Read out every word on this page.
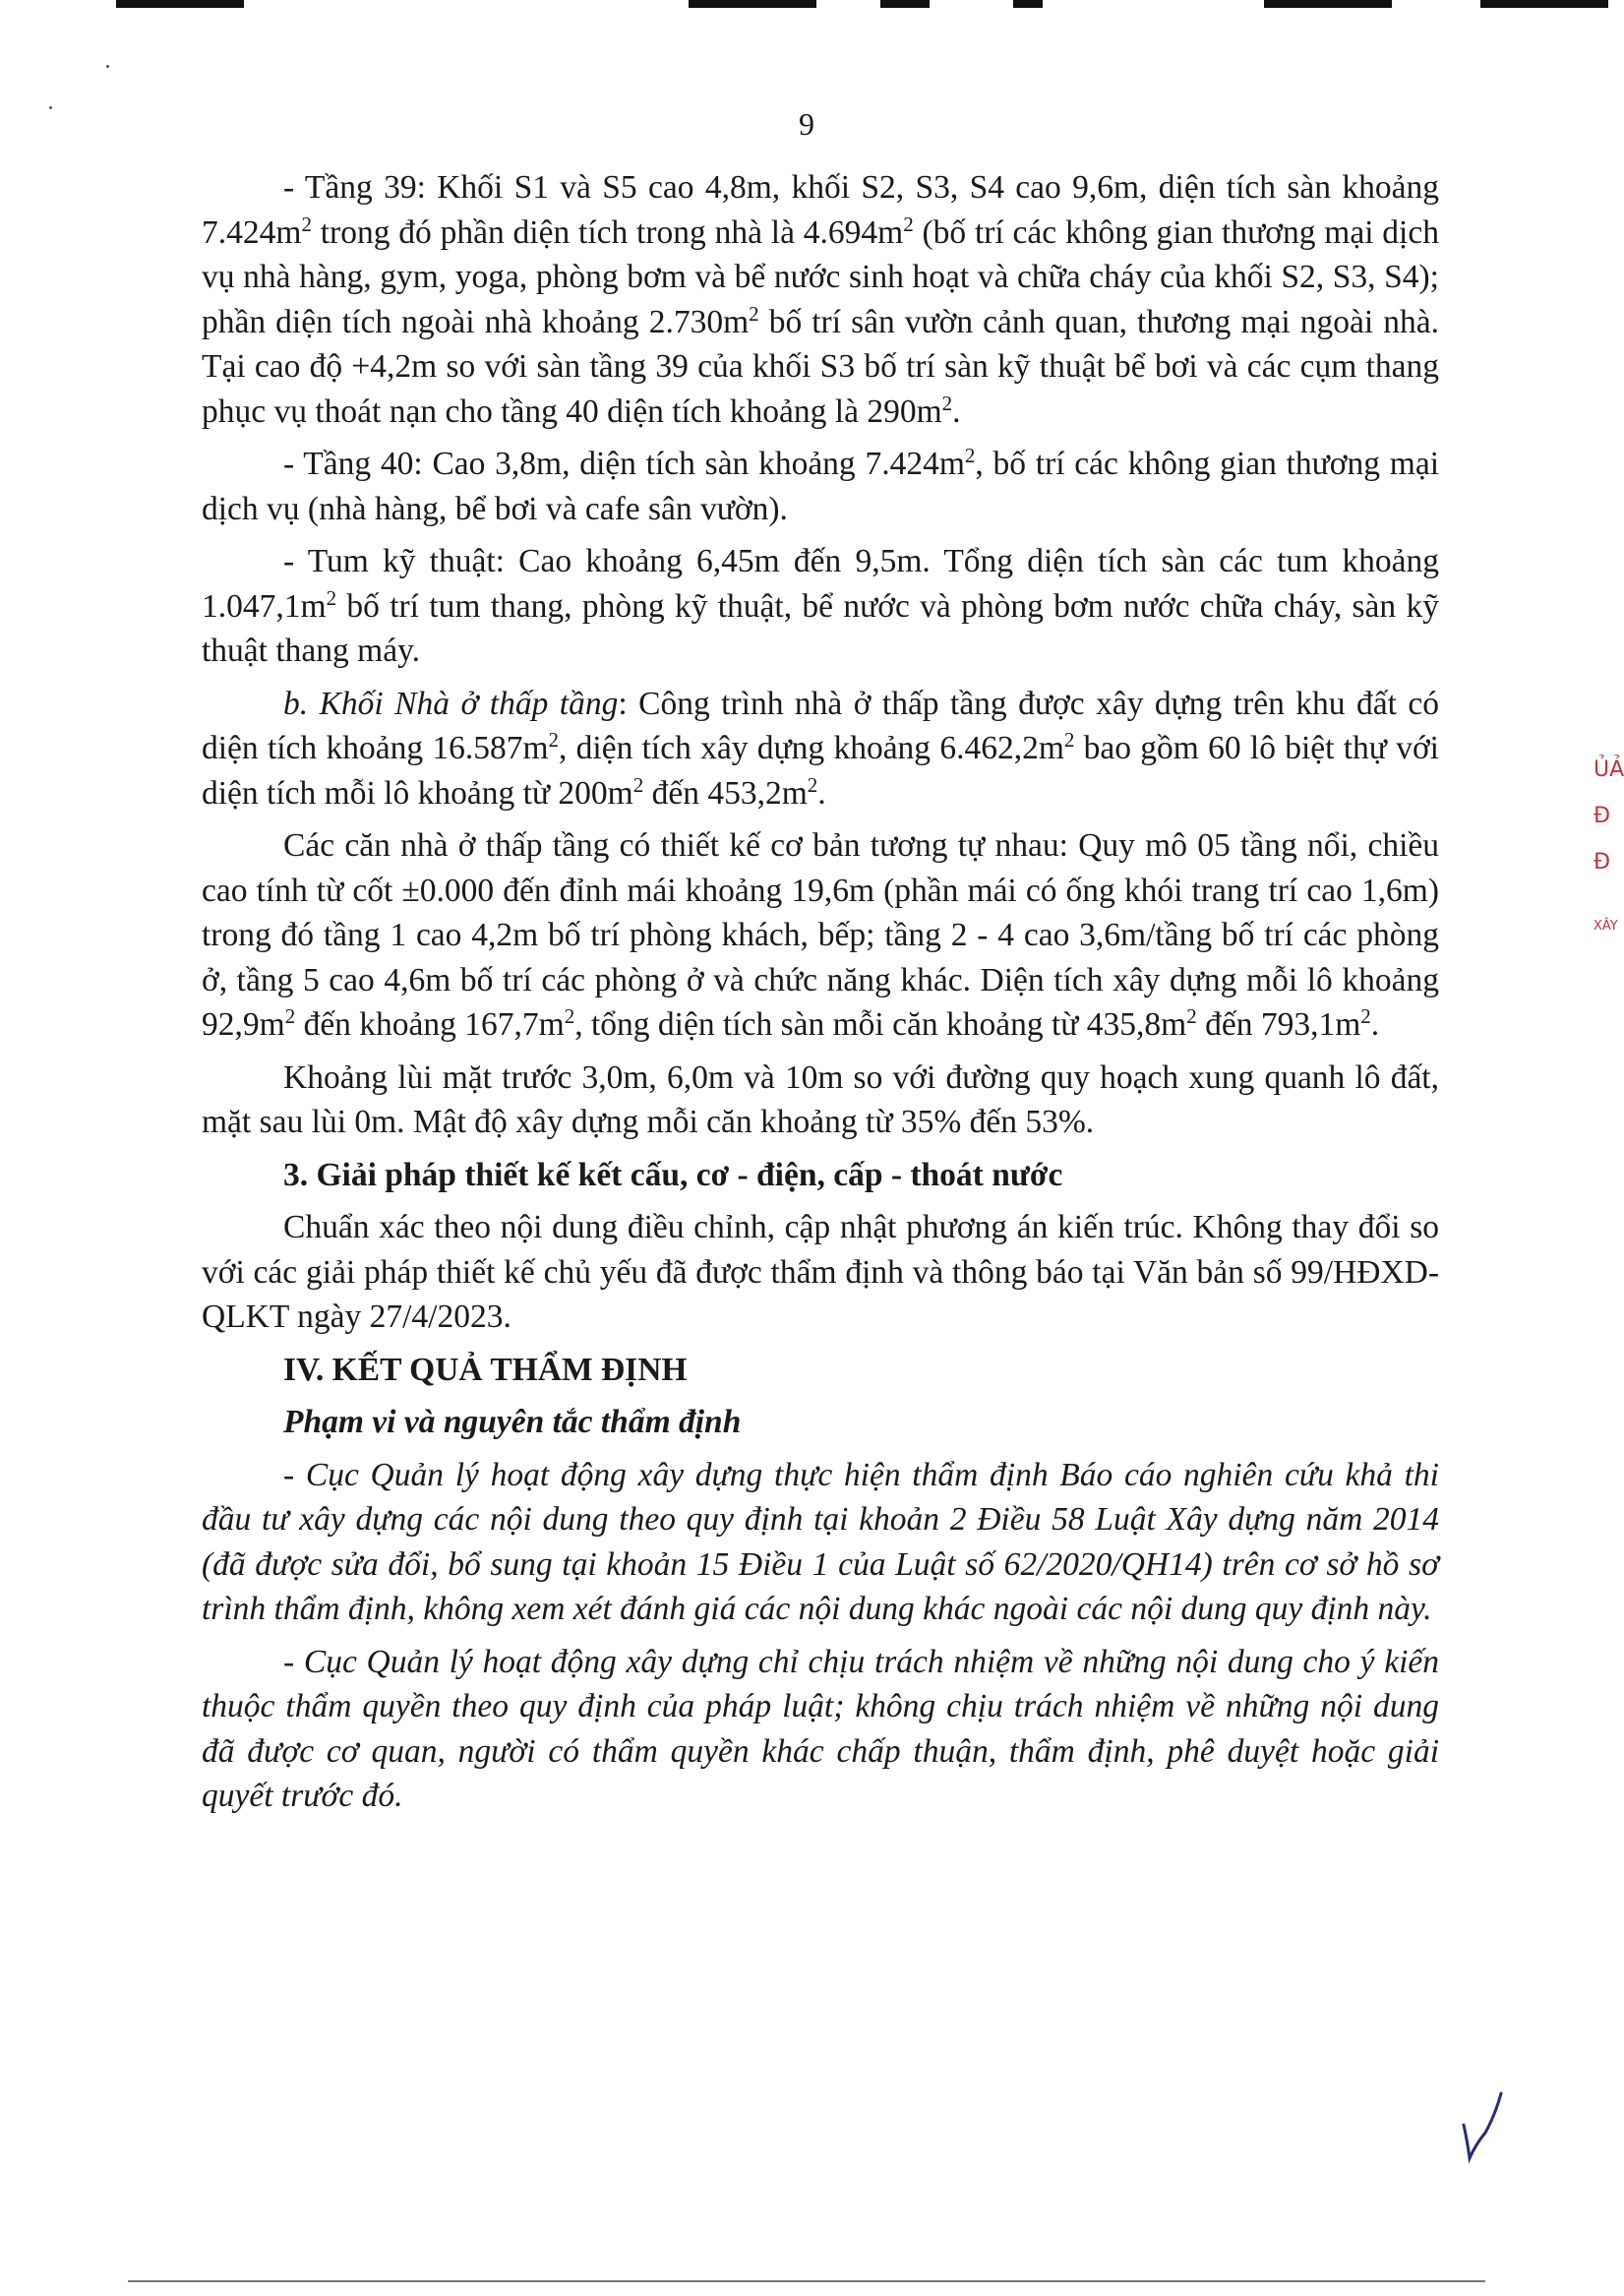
9

- Tầng 39: Khối S1 và S5 cao 4,8m, khối S2, S3, S4 cao 9,6m, diện tích sàn khoảng $7.424m^2$ trong đó phần diện tích trong nhà là $4.694m^2$ (bố trí các không gian thương mại dịch vụ nhà hàng, gym, yoga, phòng bơm và bể nước sinh hoạt và chữa cháy của khối S2, S3, S4); phần diện tích ngoài nhà khoảng $2.730m^2$ bố trí sân vườn cảnh quan, thương mại ngoài nhà. Tại cao độ +4,2m so với sàn tầng 39 của khối S3 bố trí sàn kỹ thuật bể bơi và các cụm thang phục vụ thoát nạn cho tầng 40 diện tích khoảng là $290m^2$.

- Tầng 40: Cao 3,8m, diện tích sàn khoảng $7.424m^2$, bố trí các không gian thương mại dịch vụ (nhà hàng, bể bơi và cafe sân vườn).

- Tum kỹ thuật: Cao khoảng 6,45m đến 9,5m. Tổng diện tích sàn các tum khoảng $1.047,1m^2$ bố trí tum thang, phòng kỹ thuật, bể nước và phòng bơm nước chữa cháy, sàn kỹ thuật thang máy.

b. Khối Nhà ở thấp tầng: Công trình nhà ở thấp tầng được xây dựng trên khu đất có diện tích khoảng $16.587m^2$, diện tích xây dựng khoảng $6.462,2m^2$ bao gồm 60 lô biệt thự với diện tích mỗi lô khoảng từ $200m^2$ đến $453,2m^2$.

Các căn nhà ở thấp tầng có thiết kế cơ bản tương tự nhau: Quy mô 05 tầng nổi, chiều cao tính từ cốt ±0.000 đến đỉnh mái khoảng 19,6m (phần mái có ống khói trang trí cao 1,6m) trong đó tầng 1 cao 4,2m bố trí phòng khách, bếp; tầng 2 - 4 cao 3,6m/tầng bố trí các phòng ở, tầng 5 cao 4,6m bố trí các phòng ở và chức năng khác. Diện tích xây dựng mỗi lô khoảng $92,9m^2$ đến khoảng $167,7m^2$, tổng diện tích sàn mỗi căn khoảng từ $435,8m^2$ đến $793,1m^2$.

Khoảng lùi mặt trước 3,0m, 6,0m và 10m so với đường quy hoạch xung quanh lô đất, mặt sau lùi 0m. Mật độ xây dựng mỗi căn khoảng từ 35% đến 53%.

3. Giải pháp thiết kế kết cấu, cơ - điện, cấp - thoát nước

Chuẩn xác theo nội dung điều chỉnh, cập nhật phương án kiến trúc. Không thay đổi so với các giải pháp thiết kế chủ yếu đã được thẩm định và thông báo tại Văn bản số 99/HĐXD-QLKT ngày 27/4/2023.

IV. KẾT QUẢ THẨM ĐỊNH
Phạm vi và nguyên tắc thẩm định

- Cục Quản lý hoạt động xây dựng thực hiện thẩm định Báo cáo nghiên cứu khả thi đầu tư xây dựng các nội dung theo quy định tại khoản 2 Điều 58 Luật Xây dựng năm 2014 (đã được sửa đổi, bổ sung tại khoản 15 Điều 1 của Luật số 62/2020/QH14) trên cơ sở hồ sơ trình thẩm định, không xem xét đánh giá các nội dung khác ngoài các nội dung quy định này.

- Cục Quản lý hoạt động xây dựng chỉ chịu trách nhiệm về những nội dung cho ý kiến thuộc thẩm quyền theo quy định của pháp luật; không chịu trách nhiệm về những nội dung đã được cơ quan, người có thẩm quyền khác chấp thuận, thẩm định, phê duyệt hoặc giải quyết trước đó.

ỦẢ
Đ
Đ
XÂY
